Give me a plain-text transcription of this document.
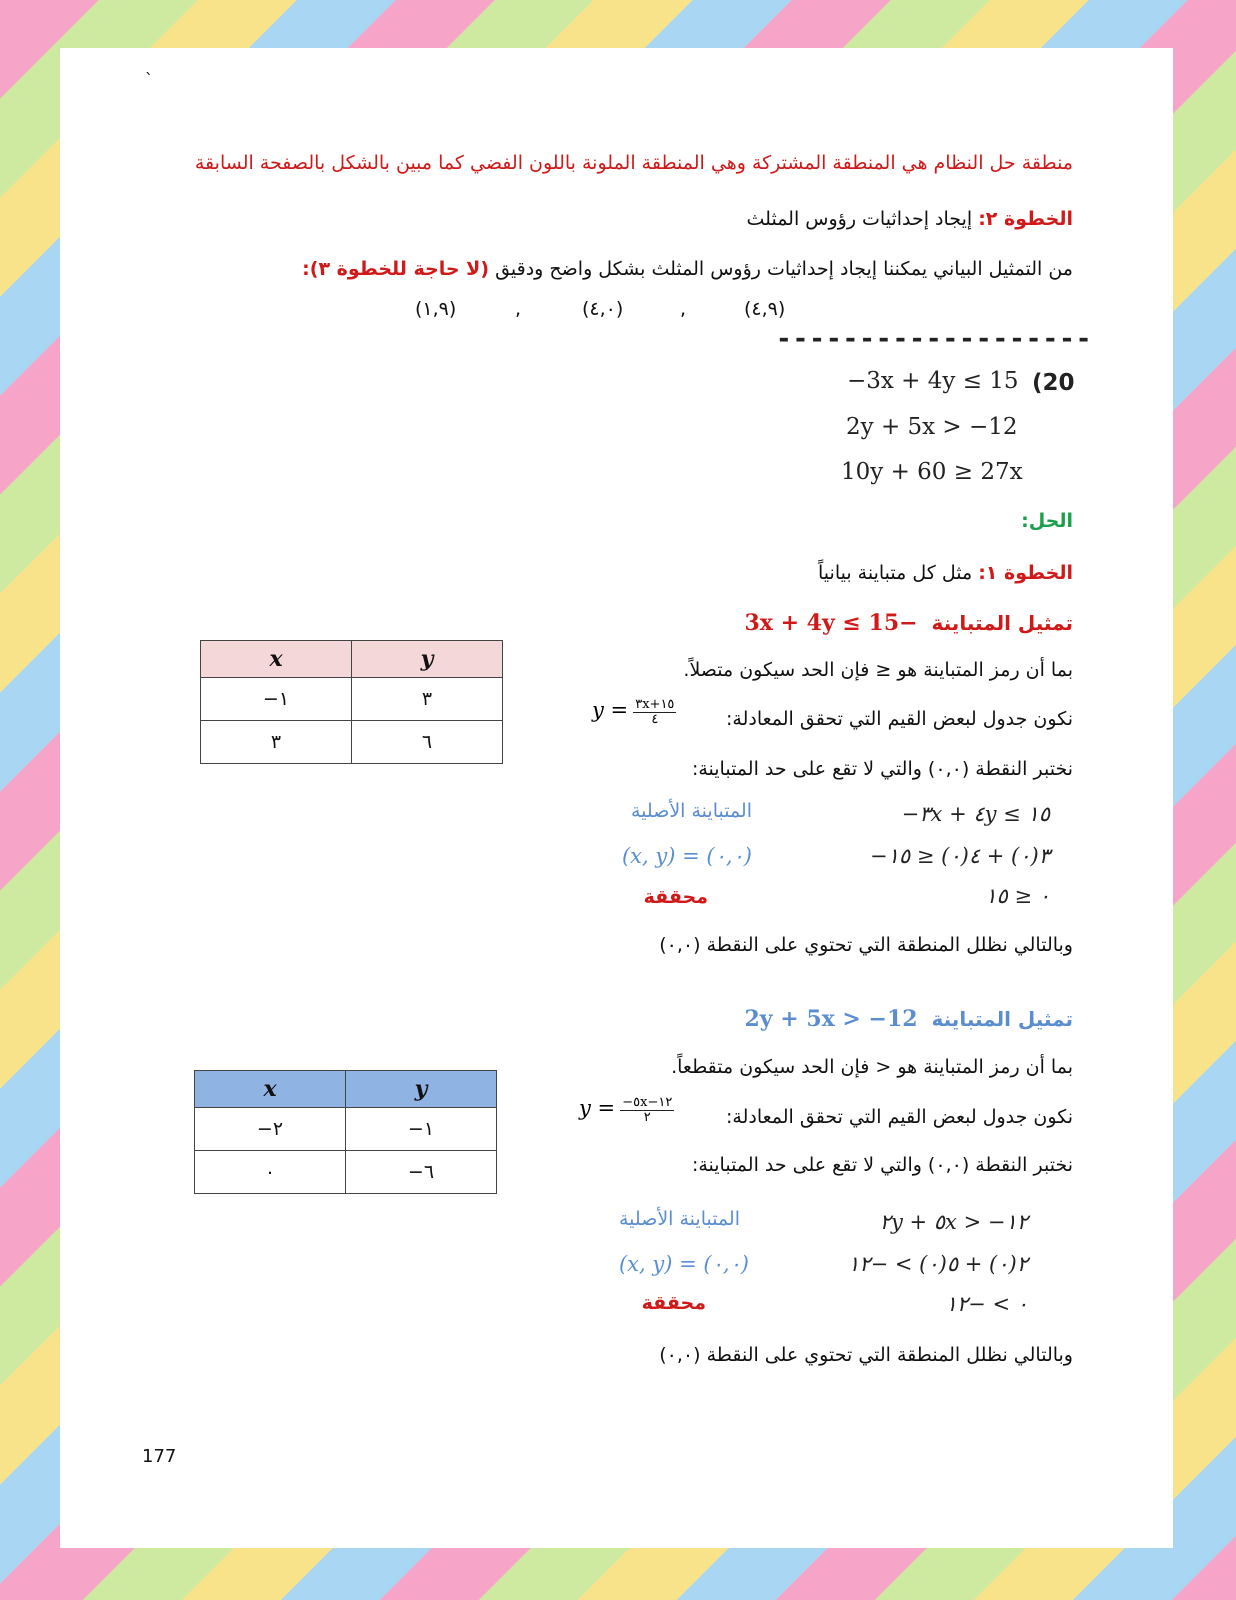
`
منطقة حل النظام هي المنطقة المشتركة وهي المنطقة الملونة باللون الفضي كما مبين بالشكل بالصفحة السابقة
الخطوة ٢: إيجاد إحداثيات رؤوس المثلث
من التمثيل البياني يمكننا إيجاد إحداثيات رؤوس المثلث بشكل واضح ودقيق (لا حاجة للخطوة ٣):
(٤,٩)
,
(٤,٠)
,
(١,٩)
-------------------
(20
−3x + 4y ≤ 15
2y + 5x > −12
10y + 60 ≥ 27x
الحل:
الخطوة ١: مثل كل متباينة بيانياً
تمثيل المتباينة  −3x + 4y ≤ 15
بما أن رمز المتباينة هو ≤ فإن الحد سيكون متصلاً.
نكون جدول لبعض القيم التي تحقق المعادلة:
$y = \frac{٣x+١٥}{٤}$
نختبر النقطة (٠,٠) والتي لا تقع على حد المتباينة:
المتباينة الأصلية
(x, y) = (٠,٠)
محققة
−٣x + ٤y ≤ ١٥
−٣(٠) + ٤(٠) ≤ ١٥
٠ ≤ ١٥
وبالتالي نظلل المنطقة التي تحتوي على النقطة (٠,٠)
x	y
−١	٣
٣	٦
تمثيل المتباينة  2y + 5x > −12
بما أن رمز المتباينة هو < فإن الحد سيكون متقطعاً.
نكون جدول لبعض القيم التي تحقق المعادلة:
$y = \frac{-٥x-١٢}{٢}$
نختبر النقطة (٠,٠) والتي لا تقع على حد المتباينة:
المتباينة الأصلية
(x, y) = (٠,٠)
محققة
٢y + ٥x > −١٢
٢(٠) + ٥(٠) > −١٢
٠ > −١٢
وبالتالي نظلل المنطقة التي تحتوي على النقطة (٠,٠)
x	y
−٢	−١
٠	−٦
177
